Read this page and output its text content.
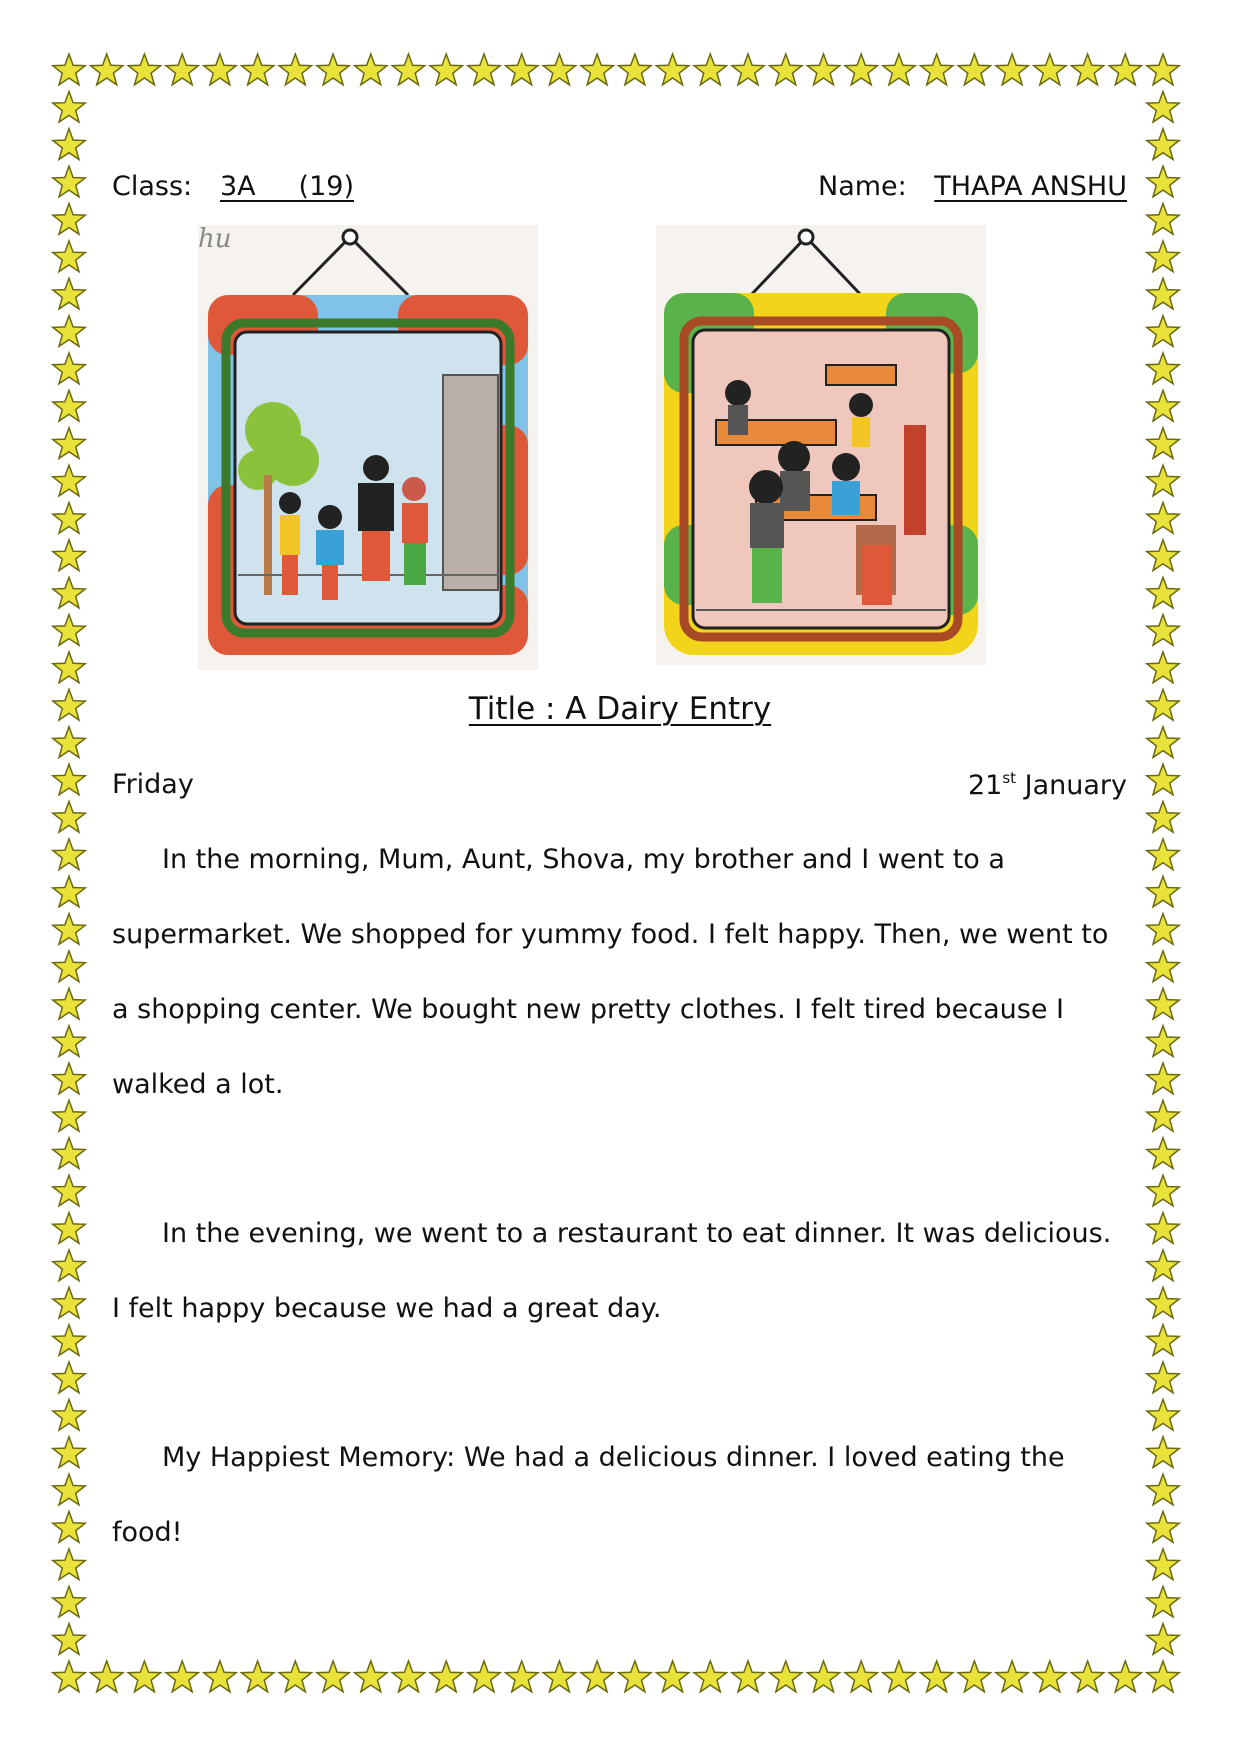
Class:	3A     (19)	Name:	THAPA ANSHU
hu
Title : A Dairy Entry
Friday	21st January

In the morning, Mum, Aunt, Shova, my brother and I went to a supermarket. We shopped for yummy food. I felt happy. Then, we went to a shopping center. We bought new pretty clothes. I felt tired because I walked a lot.

In the evening, we went to a restaurant to eat dinner. It was delicious. I felt happy because we had a great day.

My Happiest Memory: We had a delicious dinner. I loved eating the food!
